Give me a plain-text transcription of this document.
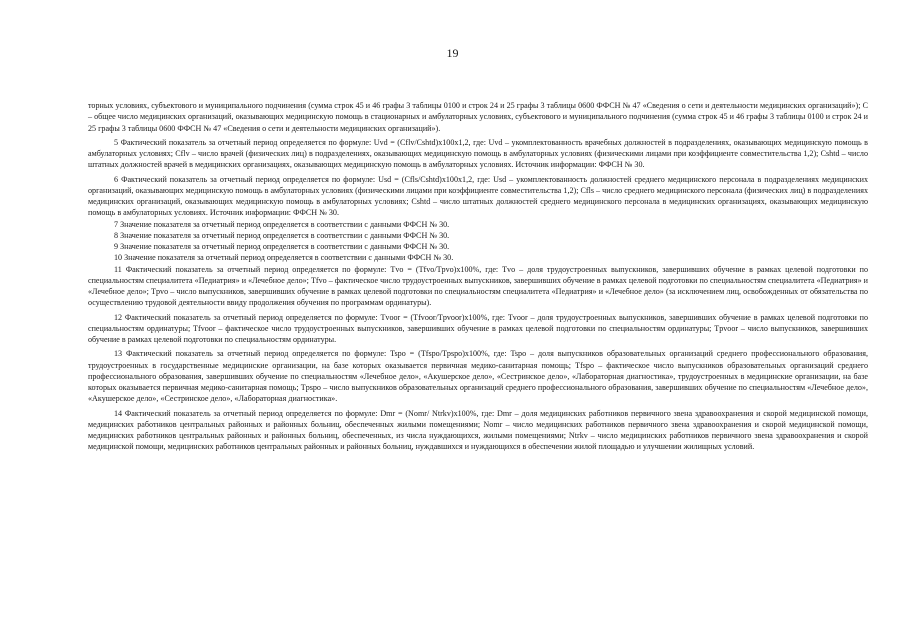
19

торных условиях, субъектового и муниципального подчинения (сумма строк 45 и 46 графы 3 таблицы 0100 и строк 24 и 25 графы 3 таблицы 0600 ФФСН № 47 «Сведения о сети и деятельности медицинских организаций»); C – общее число медицинских организаций, оказывающих медицинскую помощь в стационарных и амбулаторных условиях, субъектового и муниципального подчинения (сумма строк 45 и 46 графы 3 таблицы 0100 и строк 24 и 25 графы 3 таблицы 0600 ФФСН № 47 «Сведения о сети и деятельности медицинских организаций»).

5 Фактический показатель за отчетный период определяется по формуле: Uvd = (Cflv/Cshtd)x100x1,2, где: Uvd – укомплектованность врачебных должностей в подразделениях, оказывающих медицинскую помощь в амбулаторных условиях; Cflv – число врачей (физических лиц) в подразделениях, оказывающих медицинскую помощь в амбулаторных условиях (физическими лицами при коэффициенте совместительства 1,2); Cshtd – число штатных должностей врачей в медицинских организациях, оказывающих медицинскую помощь в амбулаторных условиях. Источник информации: ФФСН № 30.

6 Фактический показатель за отчетный период определяется по формуле: Usd = (Cfls/Cshtd)x100x1,2, где: Usd – укомплектованность должностей среднего медицинского персонала в подразделениях медицинских организаций, оказывающих медицинскую помощь в амбулаторных условиях (физическими лицами при коэффициенте совместительства 1,2); Cfls – число среднего медицинского персонала (физических лиц) в подразделениях медицинских организаций, оказывающих медицинскую помощь в амбулаторных условиях; Cshtd – число штатных должностей среднего медицинского персонала в медицинских организациях, оказывающих медицинскую помощь в амбулаторных условиях. Источник информации: ФФСН № 30.

7 Значение показателя за отчетный период определяется в соответствии с данными ФФСН № 30.

8 Значение показателя за отчетный период определяется в соответствии с данными ФФСН № 30.

9 Значение показателя за отчетный период определяется в соответствии с данными ФФСН № 30.

10 Значение показателя за отчетный период определяется в соответствии с данными ФФСН № 30.

11 Фактический показатель за отчетный период определяется по формуле: Tvo = (Tfvo/Tpvo)x100%, где: Tvo – доля трудоустроенных выпускников, завершивших обучение в рамках целевой подготовки по специальностям специалитета «Педиатрия» и «Лечебное дело»; Tfvo – фактическое число трудоустроенных выпускников, завершивших обучение в рамках целевой подготовки по специальностям специалитета «Педиатрия» и «Лечебное дело»; Tpvo – число выпускников, завершивших обучение в рамках целевой подготовки по специальностям специалитета «Педиатрия» и «Лечебное дело» (за исключением лиц, освобожденных от обязательства по осуществлению трудовой деятельности ввиду продолжения обучения по программам ординатуры).

12 Фактический показатель за отчетный период определяется по формуле: Tvoor = (Tfvoor/Tpvoor)x100%, где: Tvoor – доля трудоустроенных выпускников, завершивших обучение в рамках целевой подготовки по специальностям ординатуры; Tfvoor – фактическое число трудоустроенных выпускников, завершивших обучение в рамках целевой подготовки по специальностям ординатуры; Tpvoor – число выпускников, завершивших обучение в рамках целевой подготовки по специальностям ординатуры.

13 Фактический показатель за отчетный период определяется по формуле: Tspo = (Tfspo/Tpspo)x100%, где: Tspo – доля выпускников образовательных организаций среднего профессионального образования, трудоустроенных в государственные медицинские организации, на базе которых оказывается первичная медико-санитарная помощь; Tfspo – фактическое число выпускников образовательных организаций среднего профессионального образования, завершивших обучение по специальностям «Лечебное дело», «Акушерское дело», «Сестринское дело», «Лабораторная диагностика», трудоустроенных в медицинские организации, на базе которых оказывается первичная медико-санитарная помощь; Tpspo – число выпускников образовательных организаций среднего профессионального образования, завершивших обучение по специальностям «Лечебное дело», «Акушерское дело», «Сестринское дело», «Лабораторная диагностика».

14 Фактический показатель за отчетный период определяется по формуле: Dmr = (Nomr/ Ntrkv)x100%, где: Dmr – доля медицинских работников первичного звена здравоохранения и скорой медицинской помощи, медицинских работников центральных районных и районных больниц, обеспеченных жилыми помещениями; Nomr – число медицинских работников первичного звена здравоохранения и скорой медицинской помощи, медицинских работников центральных районных и районных больниц, обеспеченных, из числа нуждающихся, жилыми помещениями; Ntrkv – число медицинских работников первичного звена здравоохранения и скорой медицинской помощи, медицинских работников центральных районных и районных больниц, нуждавшихся и нуждающихся в обеспечении жилой площадью и улучшении жилищных условий.
